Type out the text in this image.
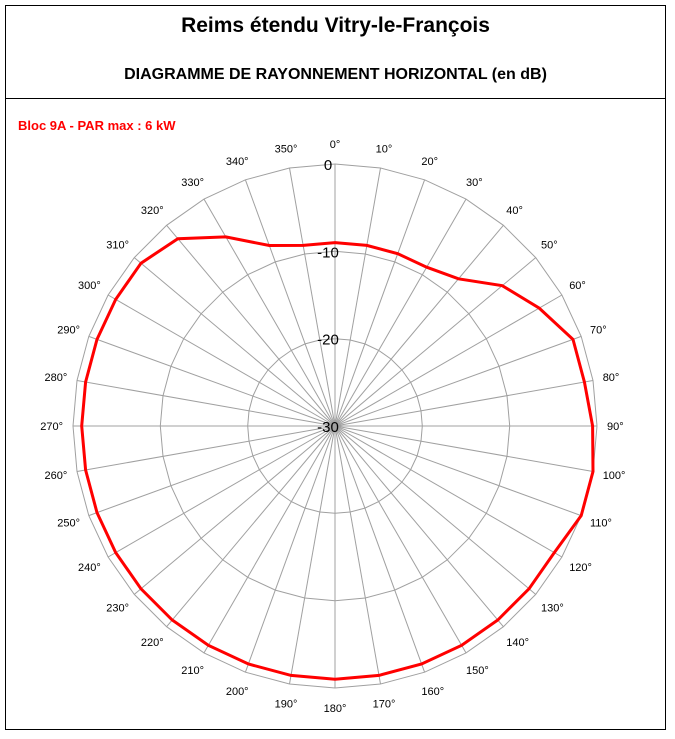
Reims étendu Vitry-le-François
DIAGRAMME DE RAYONNEMENT HORIZONTAL (en dB)
Bloc 9A - PAR max : 6 kW
0°	10°
20°
30°
40°
50°
60°
70°
80°
90°
100°
110°
120°
130°
140°
150°
160°
170°
180°
190°
200°
210°
220°
230°
240°
250°
260°
270°
280°
290°
300°
310°
320°
330°
340°
350°
0
-10
-20
-30
